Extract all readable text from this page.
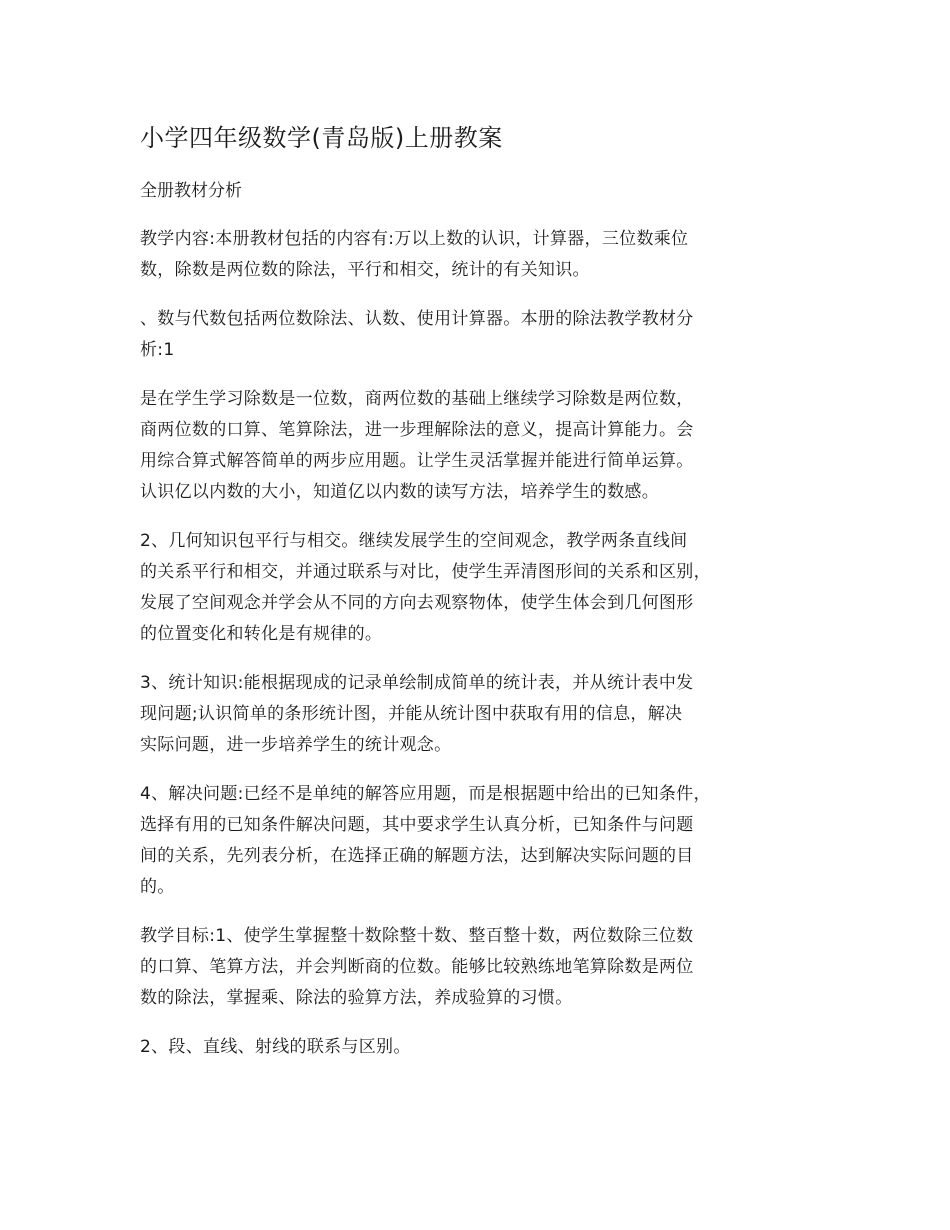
小学四年级数学(青岛版)上册教案
全册教材分析
教学内容:本册教材包括的内容有:万以上数的认识，计算器，三位数乘位
数，除数是两位数的除法，平行和相交，统计的有关知识。
、数与代数包括两位数除法、认数、使用计算器。本册的除法教学教材分
析:1
是在学生学习除数是一位数，商两位数的基础上继续学习除数是两位数，
商两位数的口算、笔算除法，进一步理解除法的意义，提高计算能力。会
用综合算式解答简单的两步应用题。让学生灵活掌握并能进行简单运算。
认识亿以内数的大小，知道亿以内数的读写方法，培养学生的数感。
2、几何知识包平行与相交。继续发展学生的空间观念，教学两条直线间
的关系平行和相交，并通过联系与对比，使学生弄清图形间的关系和区别，
发展了空间观念并学会从不同的方向去观察物体，使学生体会到几何图形
的位置变化和转化是有规律的。
3、统计知识:能根据现成的记录单绘制成简单的统计表，并从统计表中发
现问题;认识简单的条形统计图，并能从统计图中获取有用的信息，解决
实际问题，进一步培养学生的统计观念。
4、解决问题:已经不是单纯的解答应用题，而是根据题中给出的已知条件，
选择有用的已知条件解决问题，其中要求学生认真分析，已知条件与问题
间的关系，先列表分析，在选择正确的解题方法，达到解决实际问题的目
的。
教学目标:1、使学生掌握整十数除整十数、整百整十数，两位数除三位数
的口算、笔算方法，并会判断商的位数。能够比较熟练地笔算除数是两位
数的除法，掌握乘、除法的验算方法，养成验算的习惯。
2、段、直线、射线的联系与区别。
